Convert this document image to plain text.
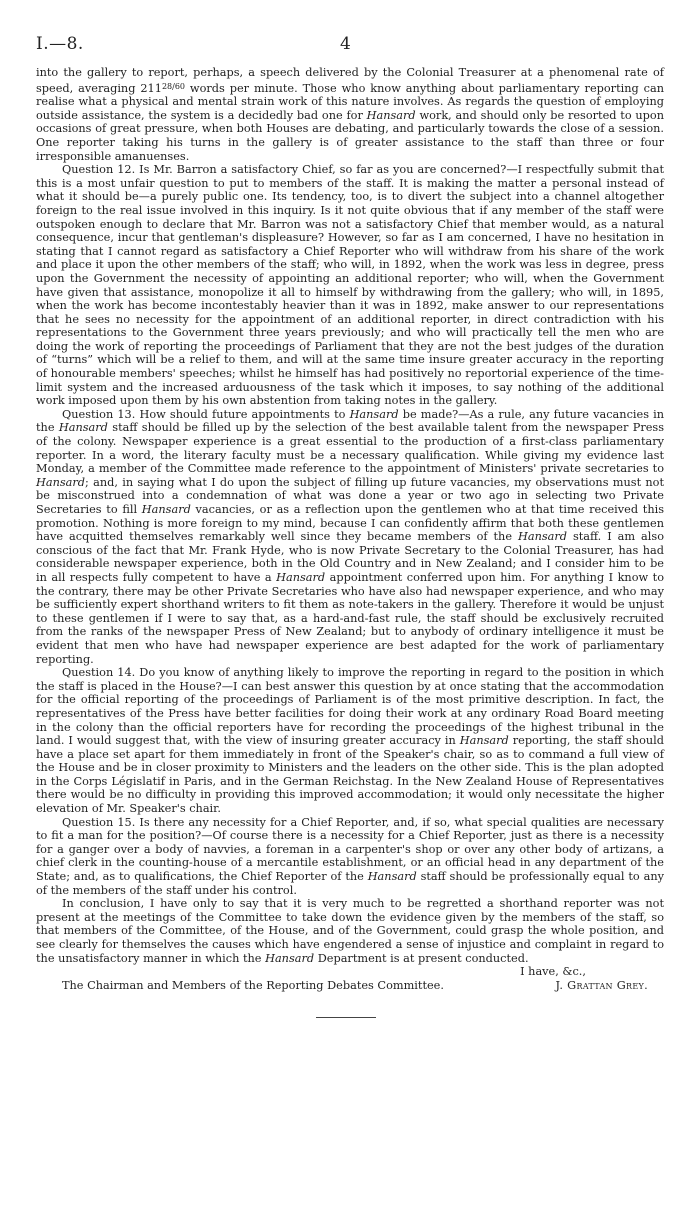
I.—8.	4

into the gallery to report, perhaps, a speech delivered by the Colonial Treasurer at a phenomenal rate of speed, averaging $211^{28/60}$ words per minute. Those who know anything about parliamentary reporting can realise what a physical and mental strain work of this nature involves. As regards the question of employing outside assistance, the system is a decidedly bad one for Hansard work, and should only be resorted to upon occasions of great pressure, when both Houses are debating, and particularly towards the close of a session. One reporter taking his turns in the gallery is of greater assistance to the staff than three or four irresponsible amanuenses.

Question 12. Is Mr. Barron a satisfactory Chief, so far as you are concerned?—I respectfully submit that this is a most unfair question to put to members of the staff. It is making the matter a personal instead of what it should be—a purely public one. Its tendency, too, is to divert the subject into a channel altogether foreign to the real issue involved in this inquiry. Is it not quite obvious that if any member of the staff were outspoken enough to declare that Mr. Barron was not a satisfactory Chief that member would, as a natural consequence, incur that gentleman's displeasure? However, so far as I am concerned, I have no hesitation in stating that I cannot regard as satisfactory a Chief Reporter who will withdraw from his share of the work and place it upon the other members of the staff; who will, in 1892, when the work was less in degree, press upon the Government the necessity of appointing an additional reporter; who will, when the Government have given that assistance, monopolize it all to himself by withdrawing from the gallery; who will, in 1895, when the work has become incontestably heavier than it was in 1892, make answer to our representations that he sees no necessity for the appointment of an additional reporter, in direct contradiction with his representations to the Government three years previously; and who will practically tell the men who are doing the work of reporting the proceedings of Parliament that they are not the best judges of the duration of “turns” which will be a relief to them, and will at the same time insure greater accuracy in the reporting of honourable members' speeches; whilst he himself has had positively no reportorial experience of the time-limit system and the increased arduousness of the task which it imposes, to say nothing of the additional work imposed upon them by his own abstention from taking notes in the gallery.

Question 13. How should future appointments to Hansard be made?—As a rule, any future vacancies in the Hansard staff should be filled up by the selection of the best available talent from the newspaper Press of the colony. Newspaper experience is a great essential to the production of a first-class parliamentary reporter. In a word, the literary faculty must be a necessary qualification. While giving my evidence last Monday, a member of the Committee made reference to the appointment of Ministers' private secretaries to Hansard; and, in saying what I do upon the subject of filling up future vacancies, my observations must not be misconstrued into a condemnation of what was done a year or two ago in selecting two Private Secretaries to fill Hansard vacancies, or as a reflection upon the gentlemen who at that time received this promotion. Nothing is more foreign to my mind, because I can confidently affirm that both these gentlemen have acquitted themselves remarkably well since they became members of the Hansard staff. I am also conscious of the fact that Mr. Frank Hyde, who is now Private Secretary to the Colonial Treasurer, has had considerable newspaper experience, both in the Old Country and in New Zealand; and I consider him to be in all respects fully competent to have a Hansard appointment conferred upon him. For anything I know to the contrary, there may be other Private Secretaries who have also had newspaper experience, and who may be sufficiently expert shorthand writers to fit them as note-takers in the gallery. Therefore it would be unjust to these gentlemen if I were to say that, as a hard-and-fast rule, the staff should be exclusively recruited from the ranks of the newspaper Press of New Zealand; but to anybody of ordinary intelligence it must be evident that men who have had newspaper experience are best adapted for the work of parliamentary reporting.

Question 14. Do you know of anything likely to improve the reporting in regard to the position in which the staff is placed in the House?—I can best answer this question by at once stating that the accommodation for the official reporting of the proceedings of Parliament is of the most primitive description. In fact, the representatives of the Press have better facilities for doing their work at any ordinary Road Board meeting in the colony than the official reporters have for recording the proceedings of the highest tribunal in the land. I would suggest that, with the view of insuring greater accuracy in Hansard reporting, the staff should have a place set apart for them immediately in front of the Speaker's chair, so as to command a full view of the House and be in closer proximity to Ministers and the leaders on the other side. This is the plan adopted in the Corps Législatif in Paris, and in the German Reichstag. In the New Zealand House of Representatives there would be no difficulty in providing this improved accommodation; it would only necessitate the higher elevation of Mr. Speaker's chair.

Question 15. Is there any necessity for a Chief Reporter, and, if so, what special qualities are necessary to fit a man for the position?—Of course there is a necessity for a Chief Reporter, just as there is a necessity for a ganger over a body of navvies, a foreman in a carpenter's shop or over any other body of artizans, a chief clerk in the counting-house of a mercantile establishment, or an official head in any department of the State; and, as to qualifications, the Chief Reporter of the Hansard staff should be professionally equal to any of the members of the staff under his control.

In conclusion, I have only to say that it is very much to be regretted a shorthand reporter was not present at the meetings of the Committee to take down the evidence given by the members of the staff, so that members of the Committee, of the House, and of the Government, could grasp the whole position, and see clearly for themselves the causes which have engendered a sense of injustice and complaint in regard to the unsatisfactory manner in which the Hansard Department is at present conducted.

I have, &c.,
The Chairman and Members of the Reporting Debates Committee.	J. Grattan Grey.
